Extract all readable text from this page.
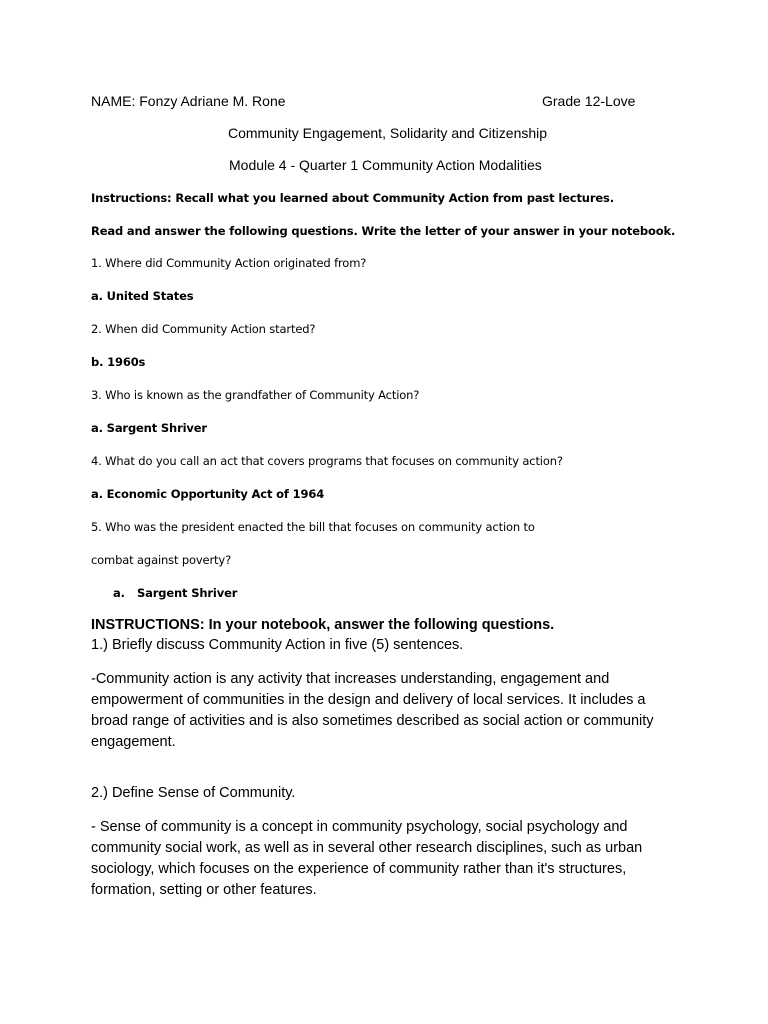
NAME: Fonzy Adriane M. Rone	Grade 12-Love
Community Engagement, Solidarity and Citizenship
Module 4 - Quarter 1 Community Action Modalities
Instructions: Recall what you learned about Community Action from past lectures.
Read and answer the following questions. Write the letter of your answer in your notebook.
1. Where did Community Action originated from?
a. United States
2. When did Community Action started?
b. 1960s
3. Who is known as the grandfather of Community Action?
a. Sargent Shriver
4. What do you call an act that covers programs that focuses on community action?
a. Economic Opportunity Act of 1964
5. Who was the president enacted the bill that focuses on community action to
combat against poverty?
a. Sargent Shriver
INSTRUCTIONS: In your notebook, answer the following questions.
1.) Briefly discuss Community Action in five (5) sentences.
-Community action is any activity that increases understanding, engagement and empowerment of communities in the design and delivery of local services. It includes a broad range of activities and is also sometimes described as social action or community engagement.
2.) Define Sense of Community.
- Sense of community is a concept in community psychology, social psychology and community social work, as well as in several other research disciplines, such as urban sociology, which focuses on the experience of community rather than it's structures, formation, setting or other features.
